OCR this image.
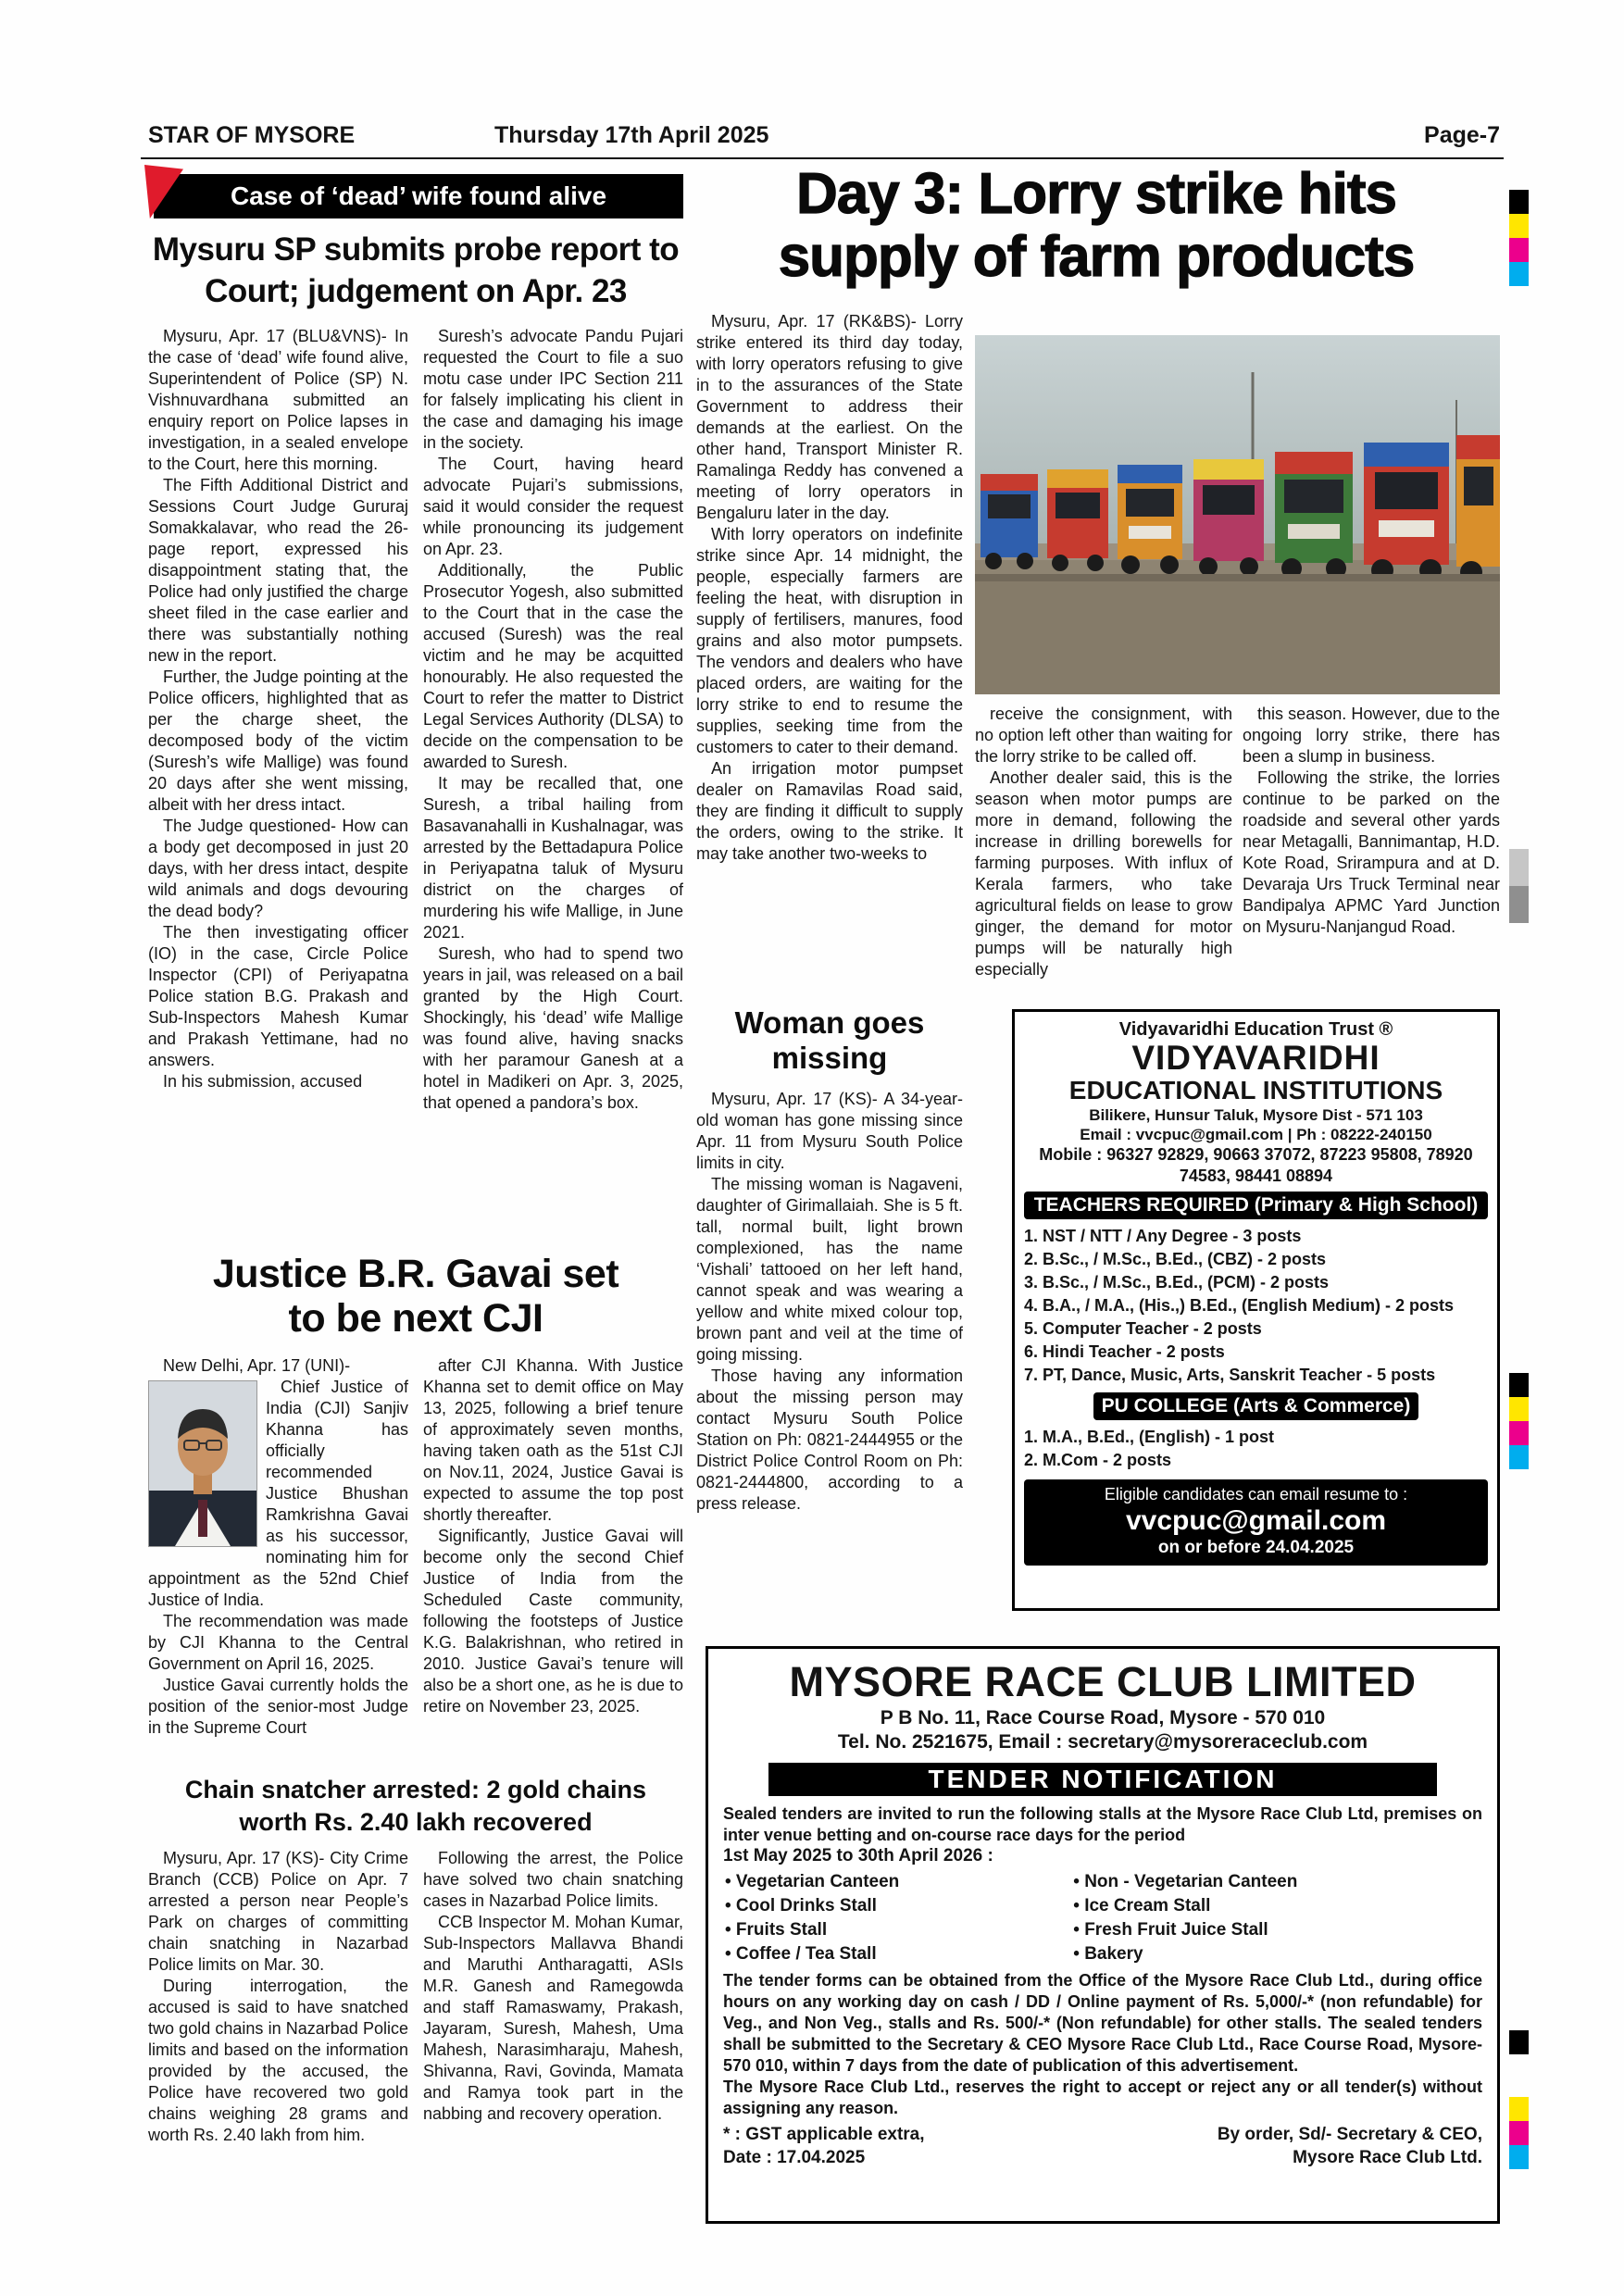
STAR OF MYSORE	Thursday 17th April 2025	Page-7
Case of ‘dead’ wife found alive
Mysuru SP submits probe report to Court; judgement on Apr. 23

Mysuru, Apr. 17 (BLU&VNS)- In the case of ‘dead’ wife found alive, Superintendent of Police (SP) N. Vishnuvardhana submitted an enquiry report on Police lapses in investigation, in a sealed envelope to the Court, here this morning.

The Fifth Additional District and Sessions Court Judge Gururaj Somakkalavar, who read the 26-page report, expressed his disappointment stating that, the Police had only justified the charge sheet filed in the case earlier and there was substantially nothing new in the report.

Further, the Judge pointing at the Police officers, highlighted that as per the charge sheet, the decomposed body of the victim (Suresh’s wife Mallige) was found 20 days after she went missing, albeit with her dress intact.

The Judge questioned- How can a body get decomposed in just 20 days, with her dress intact, despite wild animals and dogs devouring the dead body?

The then investigating officer (IO) in the case, Circle Police Inspector (CPI) of Periyapatna Police station B.G. Prakash and Sub-Inspectors Mahesh Kumar and Prakash Yettimane, had no answers.

In his submission, accused

Suresh’s advocate Pandu Pujari requested the Court to file a suo motu case under IPC Section 211 for falsely implicating his client in the case and damaging his image in the society.

The Court, having heard advocate Pujari’s submissions, said it would consider the request while pronouncing its judgement on Apr. 23.

Additionally, the Public Prosecutor Yogesh, also submitted to the Court that in the case the accused (Suresh) was the real victim and he may be acquitted honourably. He also requested the Court to refer the matter to District Legal Services Authority (DLSA) to decide on the compensation to be awarded to Suresh.

It may be recalled that, one Suresh, a tribal hailing from Basavanahalli in Kushalnagar, was arrested by the Bettadapura Police in Periyapatna taluk of Mysuru district on the charges of murdering his wife Mallige, in June 2021.

Suresh, who had to spend two years in jail, was released on a bail granted by the High Court. Shockingly, his ‘dead’ wife Mallige was found alive, having snacks with her paramour Ganesh at a hotel in Madikeri on Apr. 3, 2025, that opened a pandora’s box.

Day 3: Lorry strike hits
supply of farm products

Mysuru, Apr. 17 (RK&BS)- Lorry strike entered its third day today, with lorry operators refusing to give in to the assurances of the State Government to address their demands at the earliest. On the other hand, Transport Minister R. Ramalinga Reddy has convened a meeting of lorry operators in Bengaluru later in the day.

With lorry operators on indefinite strike since Apr. 14 midnight, the people, especially farmers are feeling the heat, with disruption in supply of fertilisers, manures, food grains and also motor pumpsets. The vendors and dealers who have placed orders, are waiting for the lorry strike to end to resume the supplies, seeking time from the customers to cater to their demand.

An irrigation motor pumpset dealer on Ramavilas Road said, they are finding it difficult to supply the orders, owing to the strike. It may take another two-weeks to

receive the consignment, with no option left other than waiting for the lorry strike to be called off.

Another dealer said, this is the season when motor pumps are more in demand, following the increase in drilling borewells for farming purposes. With influx of Kerala farmers, who take agricultural fields on lease to grow ginger, the demand for motor pumps will be naturally high especially

this season. However, due to the ongoing lorry strike, there has been a slump in business.

Following the strike, the lorries continue to be parked on the roadside and several other yards near Metagalli, Bannimantap, H.D. Kote Road, Srirampura and at D. Devaraja Urs Truck Terminal near Bandipalya APMC Yard Junction on Mysuru-Nanjangud Road.

Woman goes missing

Mysuru, Apr. 17 (KS)- A 34-year-old woman has gone missing since Apr. 11 from Mysuru South Police limits in city.

The missing woman is Nagaveni, daughter of Girimallaiah. She is 5 ft. tall, normal built, light brown complexioned, has the name ‘Vishali’ tattooed on her left hand, cannot speak and was wearing a yellow and white mixed colour top, brown pant and veil at the time of going missing.

Those having any information about the missing person may contact Mysuru South Police Station on Ph: 0821-2444955 or the District Police Control Room on Ph: 0821-2444800, according to a press release.

Justice B.R. Gavai set
to be next CJI

New Delhi, Apr. 17 (UNI)-

Chief Justice of India (CJI) Sanjiv Khanna has officially recommended Justice Bhushan Ramkrishna Gavai as his successor, nominating him for appointment as the 52nd Chief Justice of India.

The recommendation was made by CJI Khanna to the Central Government on April 16, 2025.

Justice Gavai currently holds the position of the senior-most Judge in the Supreme Court

after CJI Khanna. With Justice Khanna set to demit office on May 13, 2025, following a brief tenure of approximately seven months, having taken oath as the 51st CJI on Nov.11, 2024, Justice Gavai is expected to assume the top post shortly thereafter.

Significantly, Justice Gavai will become only the second Chief Justice of India from the Scheduled Caste community, following the footsteps of Justice K.G. Balakrishnan, who retired in 2010. Justice Gavai’s tenure will also be a short one, as he is due to retire on November 23, 2025.

Chain snatcher arrested: 2 gold chains
worth Rs. 2.40 lakh recovered

Mysuru, Apr. 17 (KS)- City Crime Branch (CCB) Police on Apr. 7 arrested a person near People’s Park on charges of committing chain snatching in Nazarbad Police limits on Mar. 30.

During interrogation, the accused is said to have snatched two gold chains in Nazarbad Police limits and based on the information provided by the accused, the Police have recovered two gold chains weighing 28 grams and worth Rs. 2.40 lakh from him.

Following the arrest, the Police have solved two chain snatching cases in Nazarbad Police limits.

CCB Inspector M. Mohan Kumar, Sub-Inspectors Mallavva Bhandi and Maruthi Antharagatti, ASIs M.R. Ganesh and Ramegowda and staff Ramaswamy, Prakash, Jayaram, Suresh, Mahesh, Uma Mahesh, Narasimharaju, Mahesh, Shivanna, Ravi, Govinda, Mamata and Ramya took part in the nabbing and recovery operation.

Vidyavaridhi Education Trust ®
VIDYAVARIDHI
EDUCATIONAL INSTITUTIONS
Bilikere, Hunsur Taluk, Mysore Dist - 571 103
Email : vvcpuc@gmail.com | Ph : 08222-240150
Mobile : 96327 92829, 90663 37072, 87223 95808, 78920 74583, 98441 08894
TEACHERS REQUIRED (Primary & High School)

1. NST / NTT / Any Degree - 3 posts

2. B.Sc., / M.Sc., B.Ed., (CBZ) - 2 posts

3. B.Sc., / M.Sc., B.Ed., (PCM) - 2 posts

4. B.A., / M.A., (His.,) B.Ed., (English Medium) - 2 posts

5. Computer Teacher - 2 posts

6. Hindi Teacher - 2 posts

7. PT, Dance, Music, Arts, Sanskrit Teacher - 5 posts

PU COLLEGE (Arts & Commerce)

1. M.A., B.Ed., (English) - 1 post

2. M.Com - 2 posts

Eligible candidates can email resume to :
vvcpuc@gmail.com
on or before 24.04.2025
MYSORE RACE CLUB LIMITED
P B No. 11, Race Course Road, Mysore - 570 010
Tel. No. 2521675, Email : secretary@mysoreraceclub.com
TENDER NOTIFICATION
Sealed tenders are invited to run the following stalls at the Mysore Race Club Ltd, premises on inter venue betting and on-course race days for the period
1st May 2025 to 30th April 2026 :
• Vegetarian Canteen	• Non - Vegetarian Canteen
• Cool Drinks Stall	• Ice Cream Stall
• Fruits Stall	• Fresh Fruit Juice Stall
• Coffee / Tea Stall	• Bakery
The tender forms can be obtained from the Office of the Mysore Race Club Ltd., during office hours on any working day on cash / DD / Online payment of Rs. 5,000/-* (non refundable) for Veg., and Non Veg., stalls and Rs. 500/-* (Non refundable) for other stalls. The sealed tenders shall be submitted to the Secretary & CEO Mysore Race Club Ltd., Race Course Road, Mysore-570 010, within 7 days from the date of publication of this advertisement.
The Mysore Race Club Ltd., reserves the right to accept or reject any or all tender(s) without assigning any reason.
* : GST applicable extra,
Date : 17.04.2025
By order, Sd/- Secretary & CEO,
Mysore Race Club Ltd.
